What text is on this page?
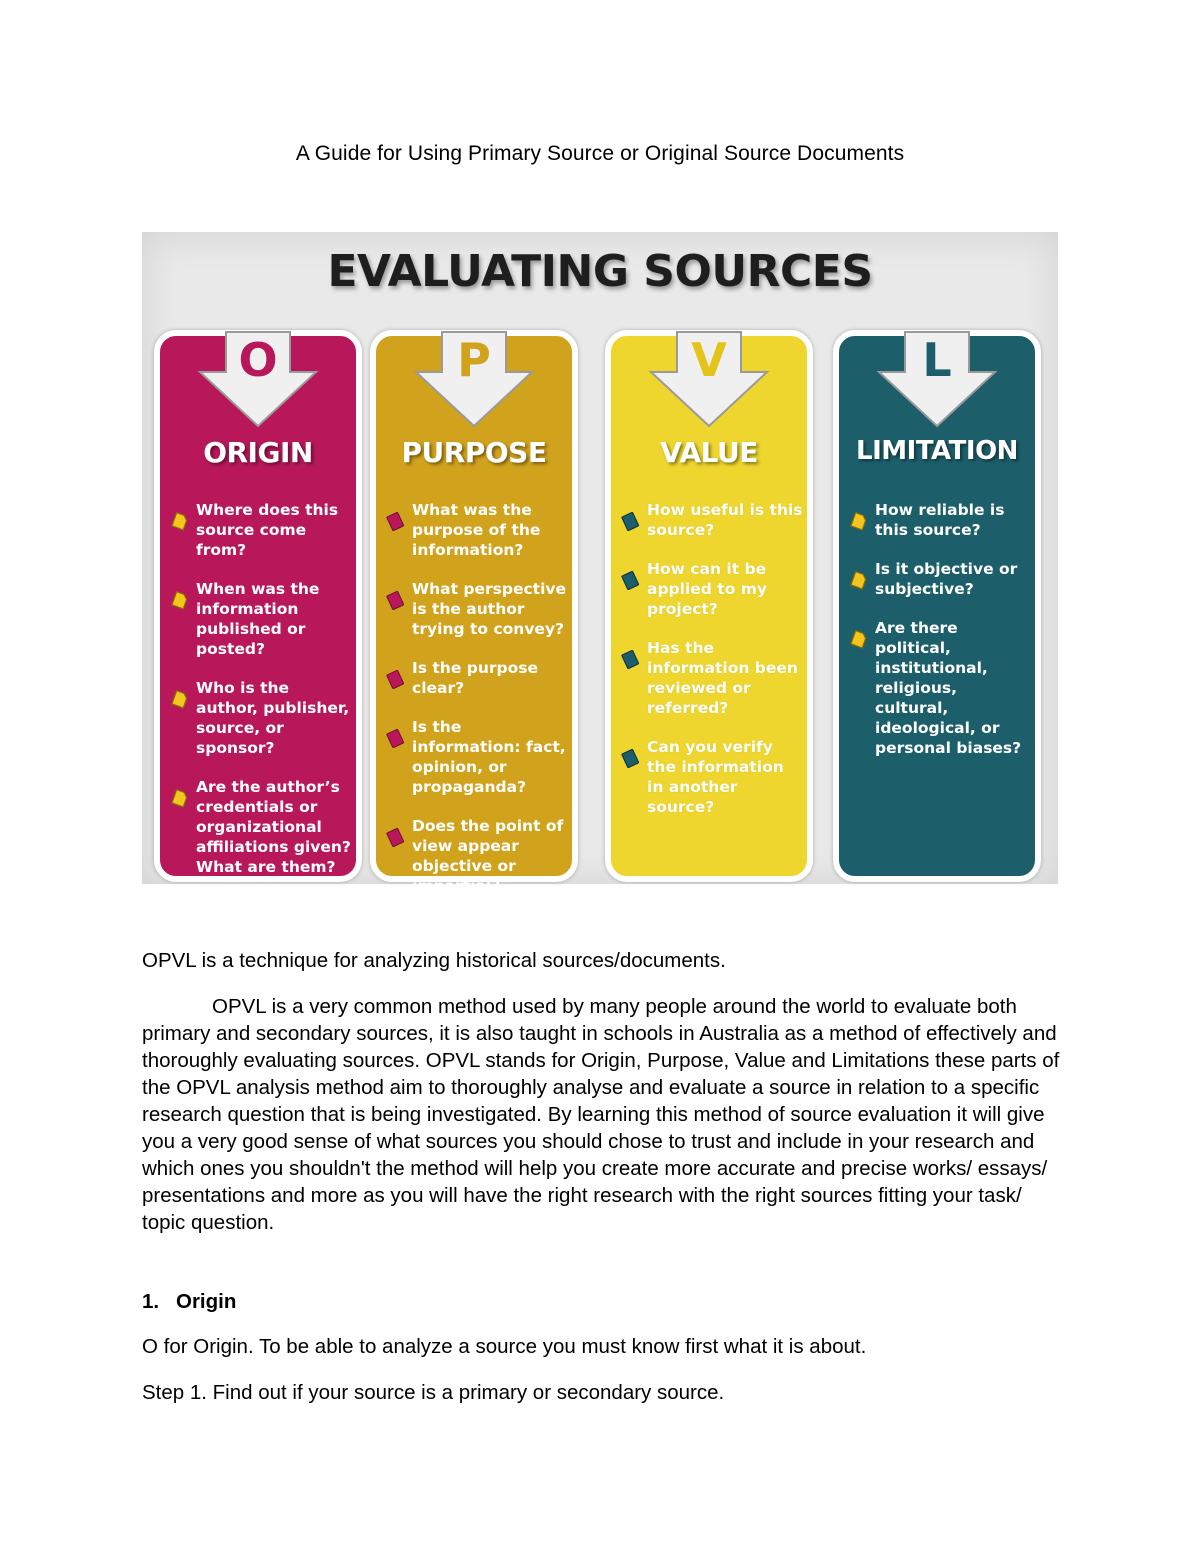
A Guide for Using Primary Source or Original Source Documents
EVALUATING SOURCES
O
ORIGIN
Where does this source come from?
When was the information published or posted?
Who is the author, publisher, source, or sponsor?
Are the author’s credentials or organizational affiliations given? What are them?
P
PURPOSE
What was the purpose of the information?
What perspective is the author trying to convey?
Is the purpose clear?
Is the information: fact, opinion, or propaganda?
Does the point of view appear objective or impartial?
V
VALUE
How useful is this source?
How can it be applied to my project?
Has the information been reviewed or referred?
Can you verify the information in another source?
L
LIMITATION
How reliable is this source?
Is it objective or subjective?
Are there political, institutional, religious, cultural, ideological, or personal biases?
OPVL is a technique for analyzing historical sources/documents.
OPVL is a very common method used by many people around the world to evaluate both primary and secondary sources, it is also taught in schools in Australia as a method of effectively and thoroughly evaluating sources. OPVL stands for Origin, Purpose, Value and Limitations these parts of the OPVL analysis method aim to thoroughly analyse and evaluate a source in relation to a specific research question that is being investigated. By learning this method of source evaluation it will give you a very good sense of what sources you should chose to trust and include in your research and which ones you shouldn't the method will help you create more accurate and precise works/ essays/ presentations and more as you will have the right research with the right sources fitting your task/ topic question.
1. Origin
O for Origin. To be able to analyze a source you must know first what it is about.
Step 1. Find out if your source is a primary or secondary source.
